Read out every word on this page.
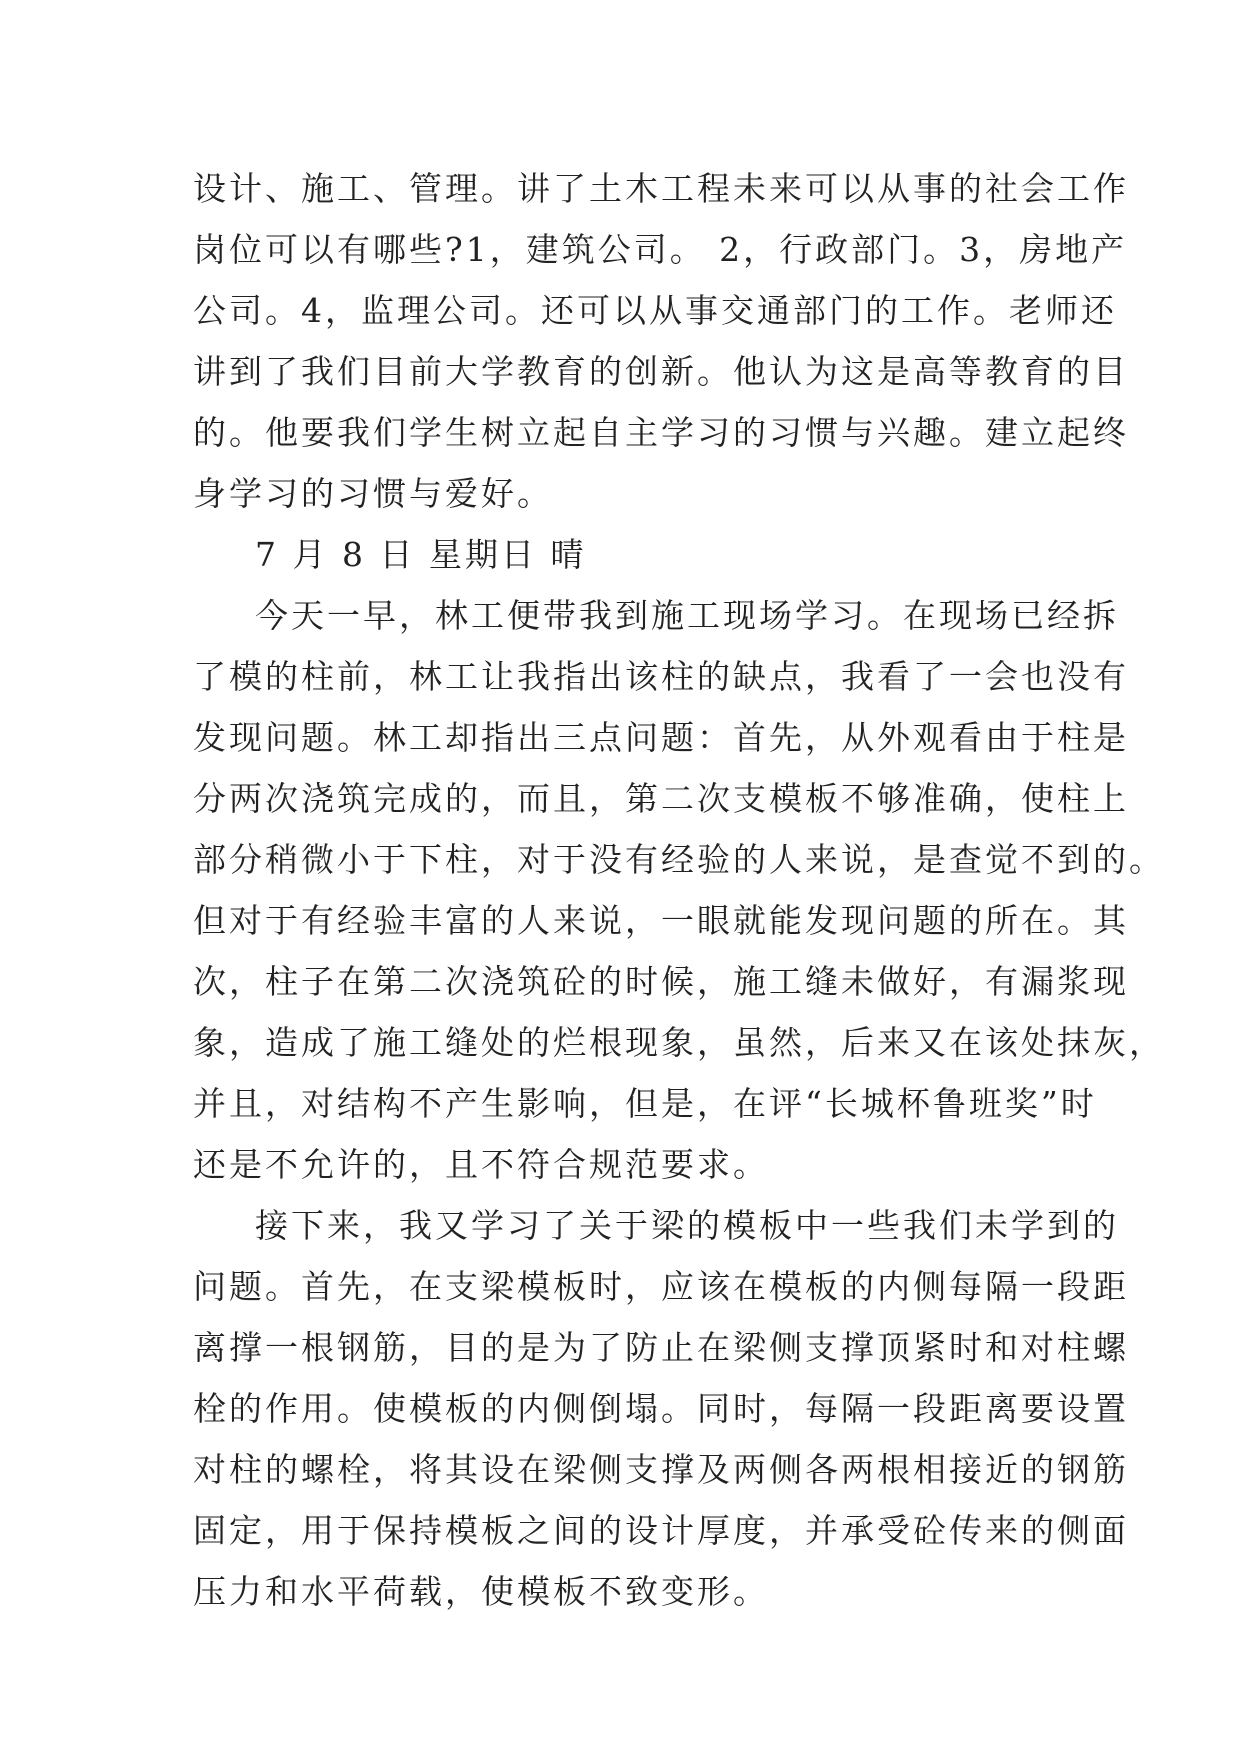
设计、施工、管理。讲了土木工程未来可以从事的社会工作
岗位可以有哪些?1，建筑公司。 2，行政部门。3，房地产
公司。4，监理公司。还可以从事交通部门的工作。老师还
讲到了我们目前大学教育的创新。他认为这是高等教育的目
的。他要我们学生树立起自主学习的习惯与兴趣。建立起终
身学习的习惯与爱好。
7 月 8 日 星期日 晴
今天一早，林工便带我到施工现场学习。在现场已经拆
了模的柱前，林工让我指出该柱的缺点，我看了一会也没有
发现问题。林工却指出三点问题：首先，从外观看由于柱是
分两次浇筑完成的，而且，第二次支模板不够准确，使柱上
部分稍微小于下柱，对于没有经验的人来说，是查觉不到的。
但对于有经验丰富的人来说，一眼就能发现问题的所在。其
次，柱子在第二次浇筑砼的时候，施工缝未做好，有漏浆现
象，造成了施工缝处的烂根现象，虽然，后来又在该处抹灰，
并且，对结构不产生影响，但是，在评“长城杯鲁班奖”时
还是不允许的，且不符合规范要求。
接下来，我又学习了关于梁的模板中一些我们未学到的
问题。首先，在支梁模板时，应该在模板的内侧每隔一段距
离撑一根钢筋，目的是为了防止在梁侧支撑顶紧时和对柱螺
栓的作用。使模板的内侧倒塌。同时，每隔一段距离要设置
对柱的螺栓，将其设在梁侧支撑及两侧各两根相接近的钢筋
固定，用于保持模板之间的设计厚度，并承受砼传来的侧面
压力和水平荷载，使模板不致变形。
